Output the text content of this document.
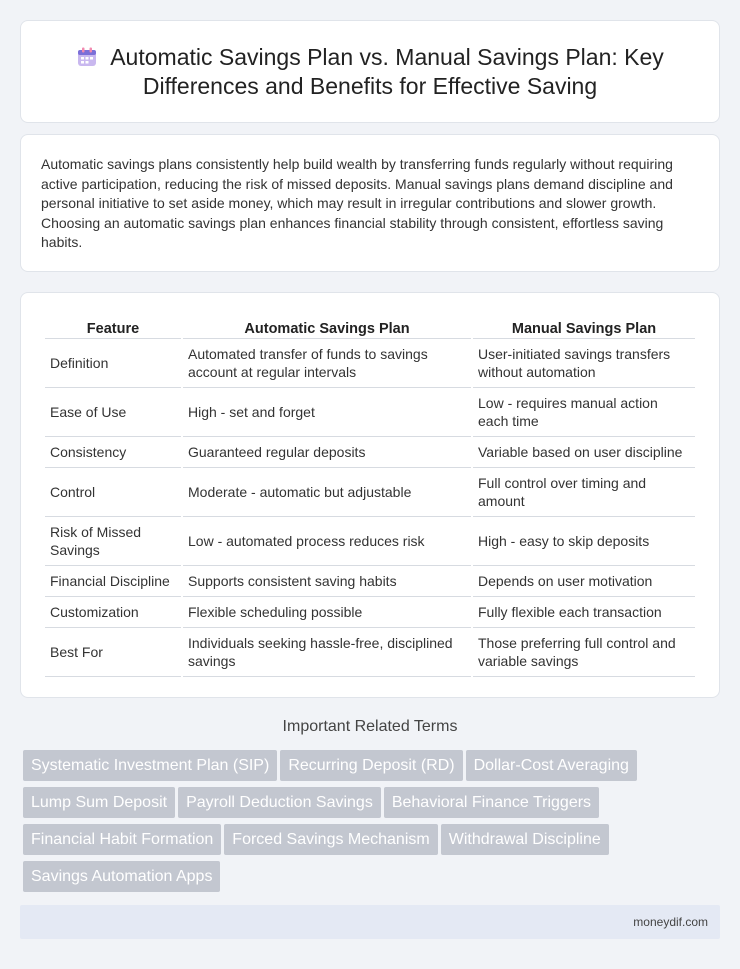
Automatic Savings Plan vs. Manual Savings Plan: Key Differences and Benefits for Effective Saving

Automatic savings plans consistently help build wealth by transferring funds regularly without requiring active participation, reducing the risk of missed deposits. Manual savings plans demand discipline and personal initiative to set aside money, which may result in irregular contributions and slower growth. Choosing an automatic savings plan enhances financial stability through consistent, effortless saving habits.

Feature	Automatic Savings Plan	Manual Savings Plan
Definition	Automated transfer of funds to savings account at regular intervals	User-initiated savings transfers without automation
Ease of Use	High - set and forget	Low - requires manual action each time
Consistency	Guaranteed regular deposits	Variable based on user discipline
Control	Moderate - automatic but adjustable	Full control over timing and amount
Risk of Missed Savings	Low - automated process reduces risk	High - easy to skip deposits
Financial Discipline	Supports consistent saving habits	Depends on user motivation
Customization	Flexible scheduling possible	Fully flexible each transaction
Best For	Individuals seeking hassle-free, disciplined savings	Those preferring full control and variable savings
Important Related Terms
Systematic Investment Plan (SIP) Recurring Deposit (RD) Dollar-Cost Averaging
Lump Sum Deposit Payroll Deduction Savings Behavioral Finance Triggers
Financial Habit Formation Forced Savings Mechanism Withdrawal Discipline
Savings Automation Apps
moneydif.com
